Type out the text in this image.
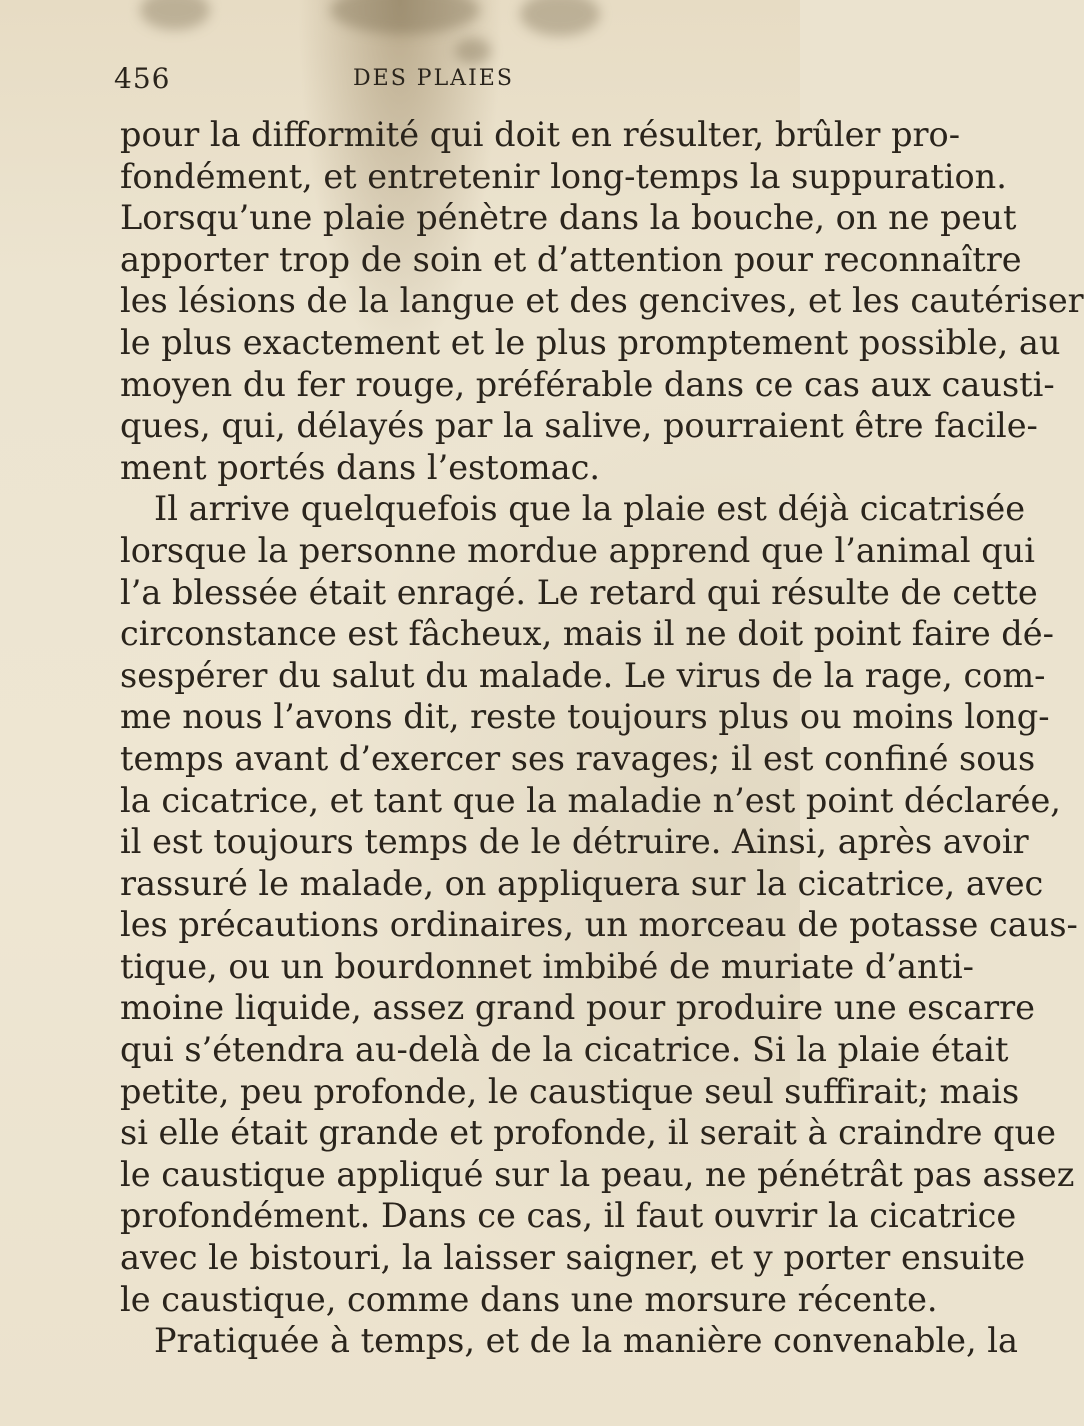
456	DES PLAIES
pour la difformité qui doit en résulter, brûler pro-
fondément, et entretenir long-temps la suppuration.
Lorsqu’une plaie pénètre dans la bouche, on ne peut
apporter trop de soin et d’attention pour reconnaître
les lésions de la langue et des gencives, et les cautériser
le plus exactement et le plus promptement possible, au
moyen du fer rouge, préférable dans ce cas aux causti-
ques, qui, délayés par la salive, pourraient être facile-
ment portés dans l’estomac.
Il arrive quelquefois que la plaie est déjà cicatrisée
lorsque la personne mordue apprend que l’animal qui
l’a blessée était enragé. Le retard qui résulte de cette
circonstance est fâcheux, mais il ne doit point faire dé-
sespérer du salut du malade. Le virus de la rage, com-
me nous l’avons dit, reste toujours plus ou moins long-
temps avant d’exercer ses ravages; il est confiné sous
la cicatrice, et tant que la maladie n’est point déclarée,
il est toujours temps de le détruire. Ainsi, après avoir
rassuré le malade, on appliquera sur la cicatrice, avec
les précautions ordinaires, un morceau de potasse caus-
tique, ou un bourdonnet imbibé de muriate d’anti-
moine liquide, assez grand pour produire une escarre
qui s’étendra au-delà de la cicatrice. Si la plaie était
petite, peu profonde, le caustique seul suffirait; mais
si elle était grande et profonde, il serait à craindre que
le caustique appliqué sur la peau, ne pénétrât pas assez
profondément. Dans ce cas, il faut ouvrir la cicatrice
avec le bistouri, la laisser saigner, et y porter ensuite
le caustique, comme dans une morsure récente.
Pratiquée à temps, et de la manière convenable, la
